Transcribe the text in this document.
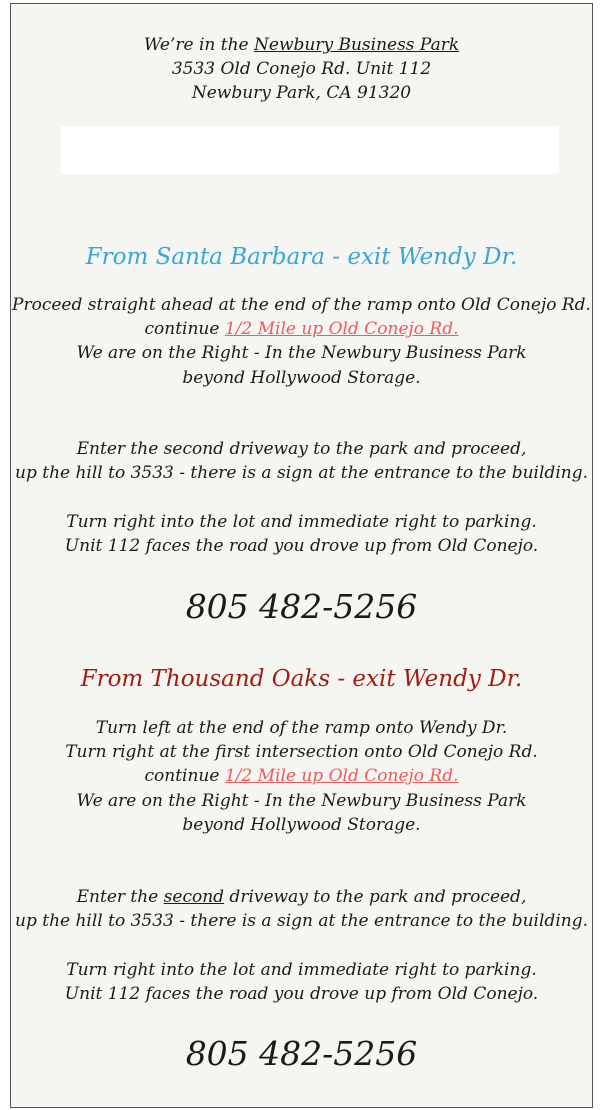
We’re in the Newbury Business Park
3533 Old Conejo Rd. Unit 112
Newbury Park, CA 91320
From Santa Barbara - exit Wendy Dr.
Proceed straight ahead at the end of the ramp onto Old Conejo Rd.
continue 1/2 Mile up Old Conejo Rd.
We are on the Right - In the Newbury Business Park
beyond Hollywood Storage.
Enter the second driveway to the park and proceed,
up the hill to 3533 - there is a sign at the entrance to the building.
Turn right into the lot and immediate right to parking.
Unit 112 faces the road you drove up from Old Conejo.
805 482-5256
From Thousand Oaks - exit Wendy Dr.
Turn left at the end of the ramp onto Wendy Dr.
Turn right at the first intersection onto Old Conejo Rd.
continue 1/2 Mile up Old Conejo Rd.
We are on the Right - In the Newbury Business Park
beyond Hollywood Storage.
Enter the second driveway to the park and proceed,
up the hill to 3533 - there is a sign at the entrance to the building.
Turn right into the lot and immediate right to parking.
Unit 112 faces the road you drove up from Old Conejo.
805 482-5256
